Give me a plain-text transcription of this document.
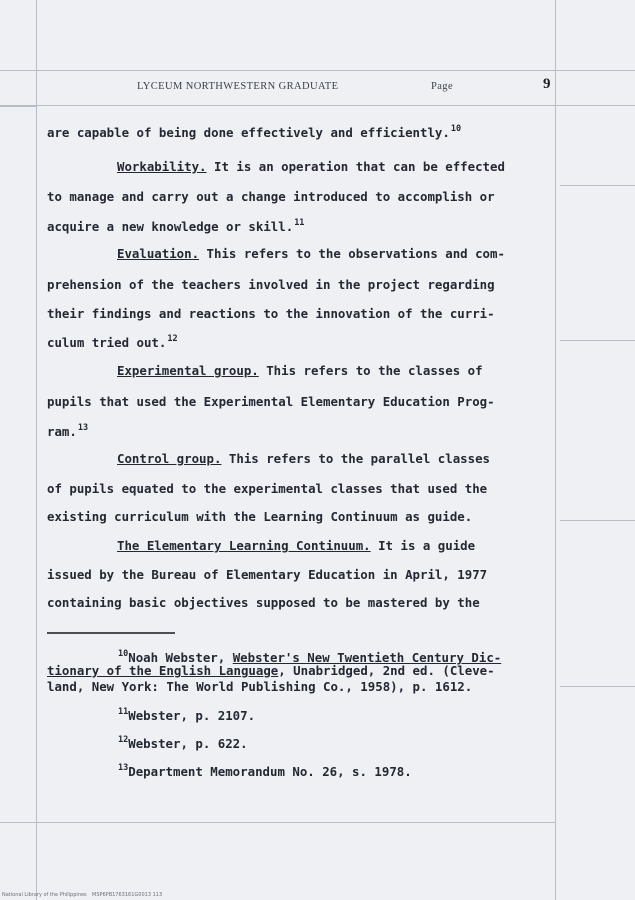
LYCEUM NORTHWESTERN GRADUATE	Page	9
are capable of being done effectively and efficiently.$^{10}$
Workability. It is an operation that can be effected
to manage and carry out a change introduced to accomplish or
acquire a new knowledge or skill.$^{11}$
Evaluation. This refers to the observations and com-
prehension of the teachers involved in the project regarding
their findings and reactions to the innovation of the curri-
culum tried out.$^{12}$
Experimental group. This refers to the classes of
pupils that used the Experimental Elementary Education Prog-
ram.$^{13}$
Control group. This refers to the parallel classes
of pupils equated to the experimental classes that used the
existing curriculum with the Learning Continuum as guide.
The Elementary Learning Continuum. It is a guide
issued by the Bureau of Elementary Education in April, 1977
containing basic objectives supposed to be mastered by the
$^{10}$Noah Webster, Webster's New Twentieth Century Dic-
tionary of the English Language, Unabridged, 2nd ed. (Cleve-
land, New York: The World Publishing Co., 1958), p. 1612.
$^{11}$Webster, p. 2107.
$^{12}$Webster, p. 622.
$^{13}$Department Memorandum No. 26, s. 1978.
National Library of the Philippines MSP6PB1763161G0013 113
